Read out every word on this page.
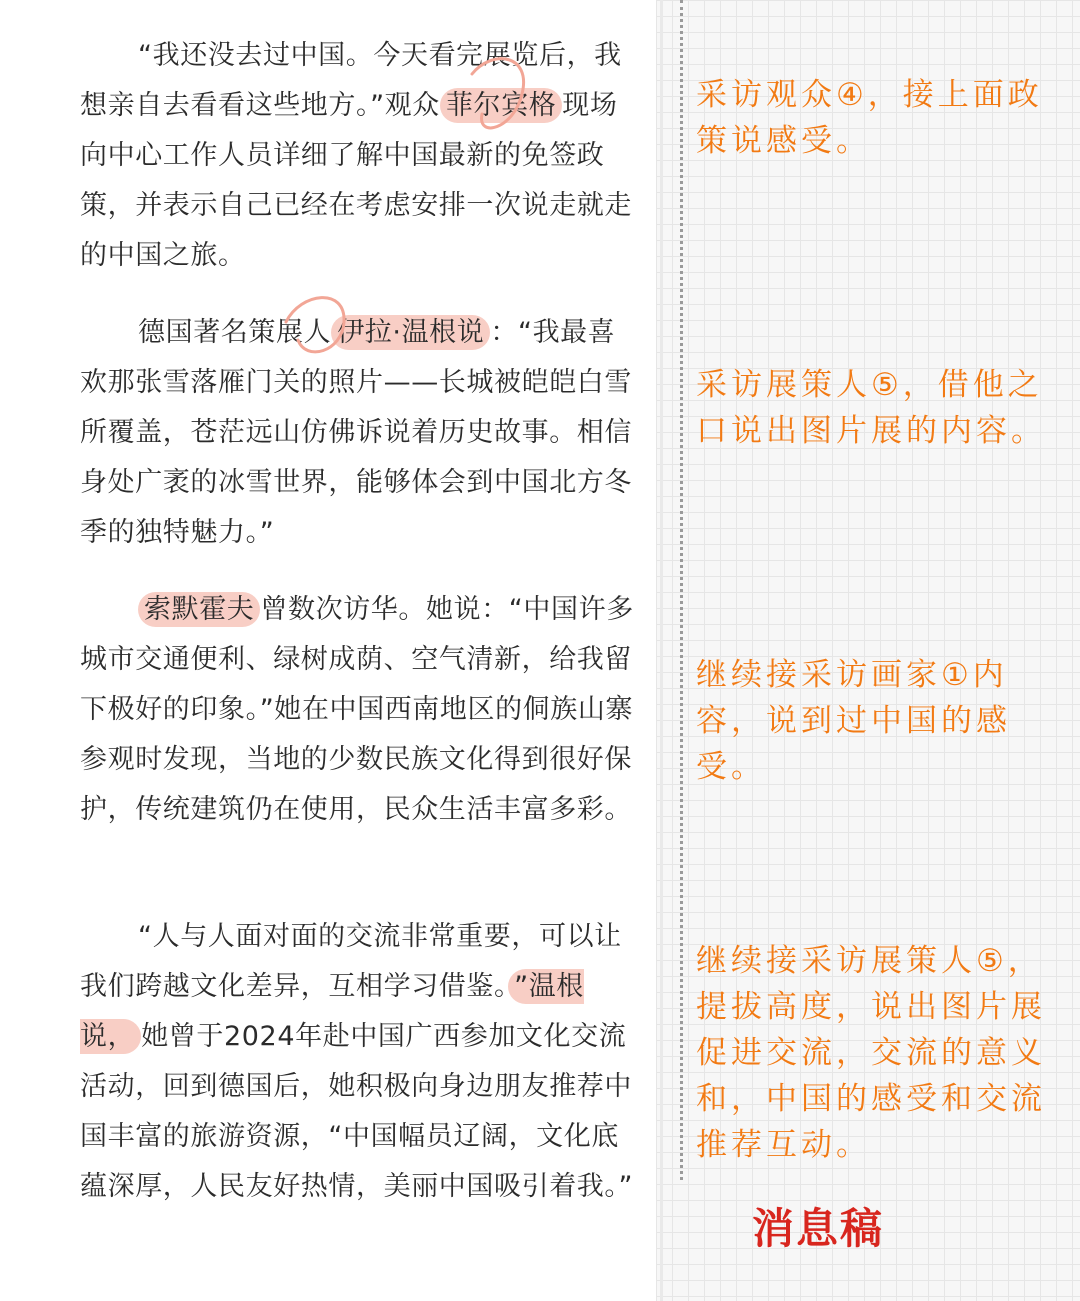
“我还没去过中国。今天看完展览后，我想亲自去看看这些地方。”观众 菲尔宾格 现场向中心工作人员详细了解中国最新的免签政策，并表示自己已经在考虑安排一次说走就走的中国之旅。

德国著名策展人 伊拉·温根说 ：“我最喜欢那张雪落雁门关的照片——长城被皑皑白雪所覆盖，苍茫远山仿佛诉说着历史故事。相信身处广袤的冰雪世界，能够体会到中国北方冬季的独特魅力。”

索默霍夫 曾数次访华。她说：“中国许多城市交通便利、绿树成荫、空气清新，给我留下极好的印象。”她在中国西南地区的侗族山寨参观时发现，当地的少数民族文化得到很好保护，传统建筑仍在使用，民众生活丰富多彩。

“人与人面对面的交流非常重要，可以让我们跨越文化差异，互相学习借鉴。 ”温根说， 她曾于2024年赴中国广西参加文化交流活动，回到德国后，她积极向身边朋友推荐中国丰富的旅游资源，“中国幅员辽阔，文化底蕴深厚，人民友好热情，美丽中国吸引着我。”

采访观众④，接上面政策说感受。

采访展策人⑤，借他之口说出图片展的内容。

继续接采访画家①内容，说到过中国的感受。

继续接采访展策人⑤，提拔高度，说出图片展促进交流，交流的意义和，中国的感受和交流推荐互动。

消息稿
